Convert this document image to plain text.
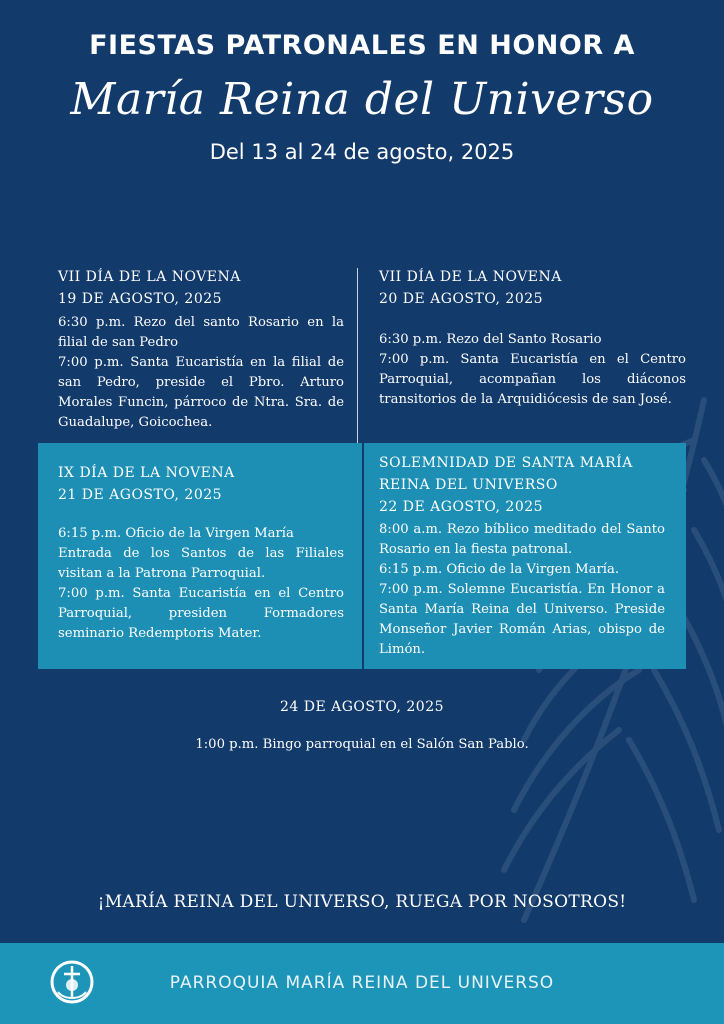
FIESTAS PATRONALES EN HONOR A
María Reina del Universo
Del 13 al 24 de agosto, 2025
VII DÍA DE LA NOVENA
19 DE AGOSTO, 2025

6:30 p.m. Rezo del santo Rosario en la filial de san Pedro

7:00 p.m. Santa Eucaristía en la filial de san Pedro, preside el Pbro. Arturo Morales Funcin, párroco de Ntra. Sra. de Guadalupe, Goicochea.

VII DÍA DE LA NOVENA
20 DE AGOSTO, 2025

6:30 p.m. Rezo del Santo Rosario

7:00 p.m. Santa Eucaristía en el Centro Parroquial, acompañan los diáconos transitorios de la Arquidiócesis de san José.

IX DÍA DE LA NOVENA
21 DE AGOSTO, 2025

6:15 p.m. Oficio de la Virgen María

Entrada de los Santos de las Filiales visitan a la Patrona Parroquial.

7:00 p.m. Santa Eucaristía en el Centro Parroquial, presiden Formadores seminario Redemptoris Mater.

SOLEMNIDAD DE SANTA MARÍA REINA DEL UNIVERSO
22 DE AGOSTO, 2025

8:00 a.m. Rezo bíblico meditado del Santo Rosario en la fiesta patronal.

6:15 p.m. Oficio de la Virgen María.

7:00 p.m. Solemne Eucaristía. En Honor a Santa María Reina del Universo. Preside Monseñor Javier Román Arias, obispo de Limón.

24 DE AGOSTO, 2025
1:00 p.m. Bingo parroquial en el Salón San Pablo.
¡MARÍA REINA DEL UNIVERSO, RUEGA POR NOSOTROS!
PARROQUIA MARÍA REINA DEL UNIVERSO
